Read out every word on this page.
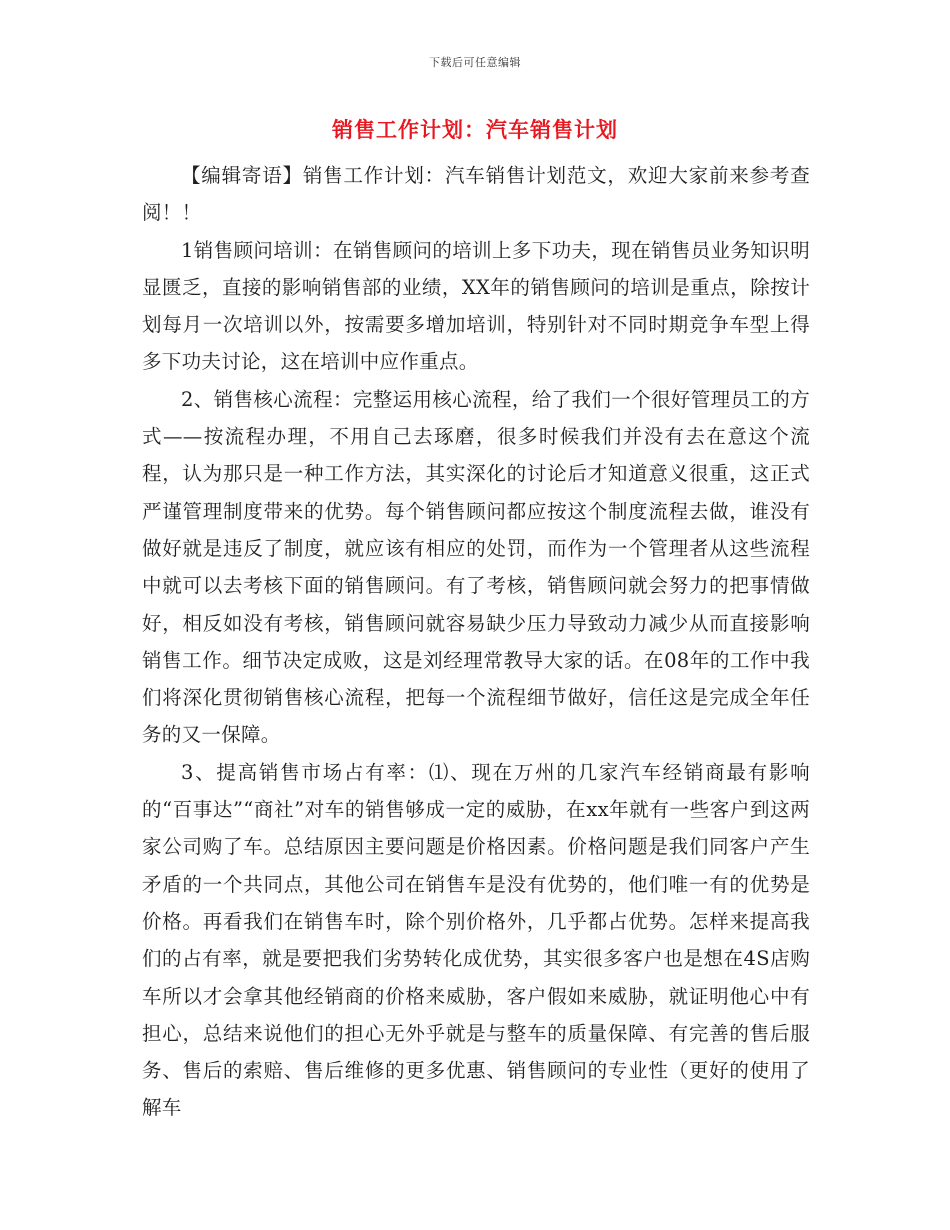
下载后可任意编辑
销售工作计划：汽车销售计划

【编辑寄语】销售工作计划：汽车销售计划范文，欢迎大家前来参考查阅！！

1销售顾问培训：在销售顾问的培训上多下功夫，现在销售员业务知识明显匮乏，直接的影响销售部的业绩，XX年的销售顾问的培训是重点，除按计划每月一次培训以外，按需要多增加培训，特别针对不同时期竞争车型上得多下功夫讨论，这在培训中应作重点。

2、销售核心流程：完整运用核心流程，给了我们一个很好管理员工的方式——按流程办理，不用自己去琢磨，很多时候我们并没有去在意这个流程，认为那只是一种工作方法，其实深化的讨论后才知道意义很重，这正式严谨管理制度带来的优势。每个销售顾问都应按这个制度流程去做，谁没有做好就是违反了制度，就应该有相应的处罚，而作为一个管理者从这些流程中就可以去考核下面的销售顾问。有了考核，销售顾问就会努力的把事情做好，相反如没有考核，销售顾问就容易缺少压力导致动力减少从而直接影响销售工作。细节决定成败，这是刘经理常教导大家的话。在08年的工作中我们将深化贯彻销售核心流程，把每一个流程细节做好，信任这是完成全年任务的又一保障。

3、提高销售市场占有率：⑴、现在万州的几家汽车经销商最有影响的“百事达”“商社”对车的销售够成一定的威胁，在xx年就有一些客户到这两家公司购了车。总结原因主要问题是价格因素。价格问题是我们同客户产生矛盾的一个共同点，其他公司在销售车是没有优势的，他们唯一有的优势是价格。再看我们在销售车时，除个别价格外，几乎都占优势。怎样来提高我们的占有率，就是要把我们劣势转化成优势，其实很多客户也是想在4S店购车所以才会拿其他经销商的价格来威胁，客户假如来威胁，就证明他心中有担心，总结来说他们的担心无外乎就是与整车的质量保障、有完善的售后服务、售后的索赔、售后维修的更多优惠、销售顾问的专业性（更好的使用了解车
